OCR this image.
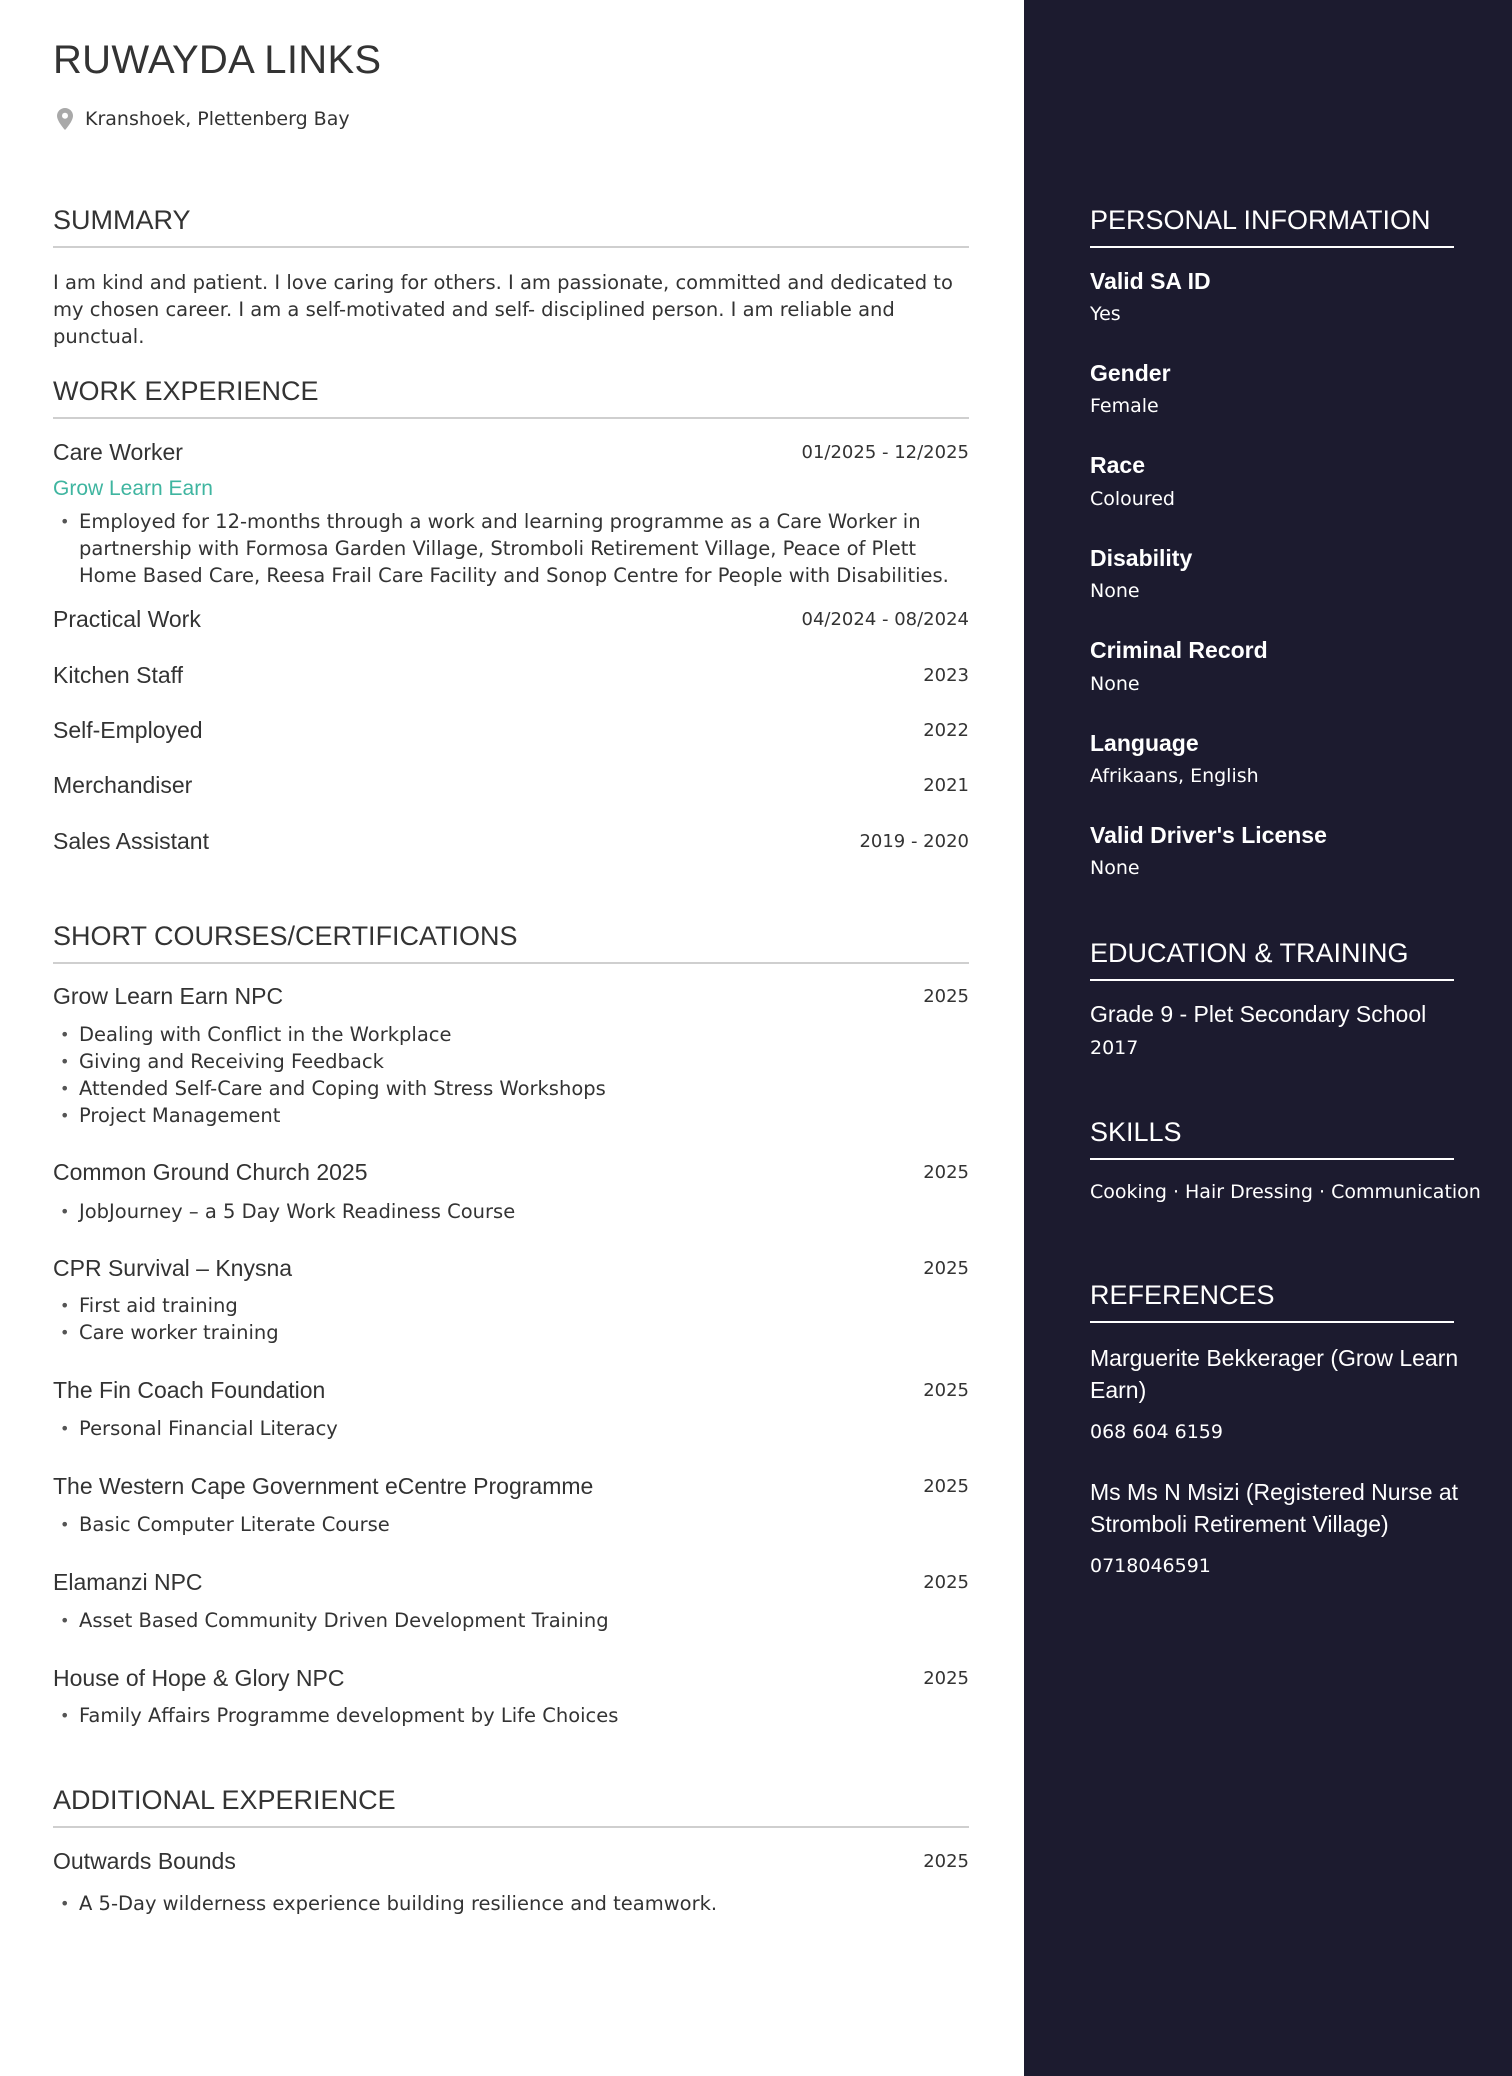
RUWAYDA LINKS
Kranshoek, Plettenberg Bay
SUMMARY
I am kind and patient. I love caring for others. I am passionate, committed and dedicated to my chosen career. I am a self-motivated and self- disciplined person. I am reliable and punctual.
WORK EXPERIENCE
Care Worker	01/2025 - 12/2025
Grow Learn Earn
• Employed for 12-months through a work and learning programme as a Care Worker in partnership with Formosa Garden Village, Stromboli Retirement Village, Peace of Plett Home Based Care, Reesa Frail Care Facility and Sonop Centre for People with Disabilities.
Practical Work	04/2024 - 08/2024
Kitchen Staff	2023
Self-Employed	2022
Merchandiser	2021
Sales Assistant	2019 - 2020
SHORT COURSES/CERTIFICATIONS
Grow Learn Earn NPC	2025
• Dealing with Conflict in the Workplace
• Giving and Receiving Feedback
• Attended Self-Care and Coping with Stress Workshops
• Project Management
Common Ground Church 2025	2025
• JobJourney – a 5 Day Work Readiness Course
CPR Survival – Knysna	2025
• First aid training
• Care worker training
The Fin Coach Foundation	2025
• Personal Financial Literacy
The Western Cape Government eCentre Programme	2025
• Basic Computer Literate Course
Elamanzi NPC	2025
• Asset Based Community Driven Development Training
House of Hope & Glory NPC	2025
• Family Affairs Programme development by Life Choices
ADDITIONAL EXPERIENCE
Outwards Bounds	2025
• A 5-Day wilderness experience building resilience and teamwork.
PERSONAL INFORMATION
Valid SA ID
Yes
Gender
Female
Race
Coloured
Disability
None
Criminal Record
None
Language
Afrikaans, English
Valid Driver's License
None
EDUCATION & TRAINING
Grade 9 - Plet Secondary School
2017
SKILLS
Cooking · Hair Dressing · Communication
REFERENCES
Marguerite Bekkerager (Grow Learn Earn)
068 604 6159
Ms Ms N Msizi (Registered Nurse at Stromboli Retirement Village)
0718046591
